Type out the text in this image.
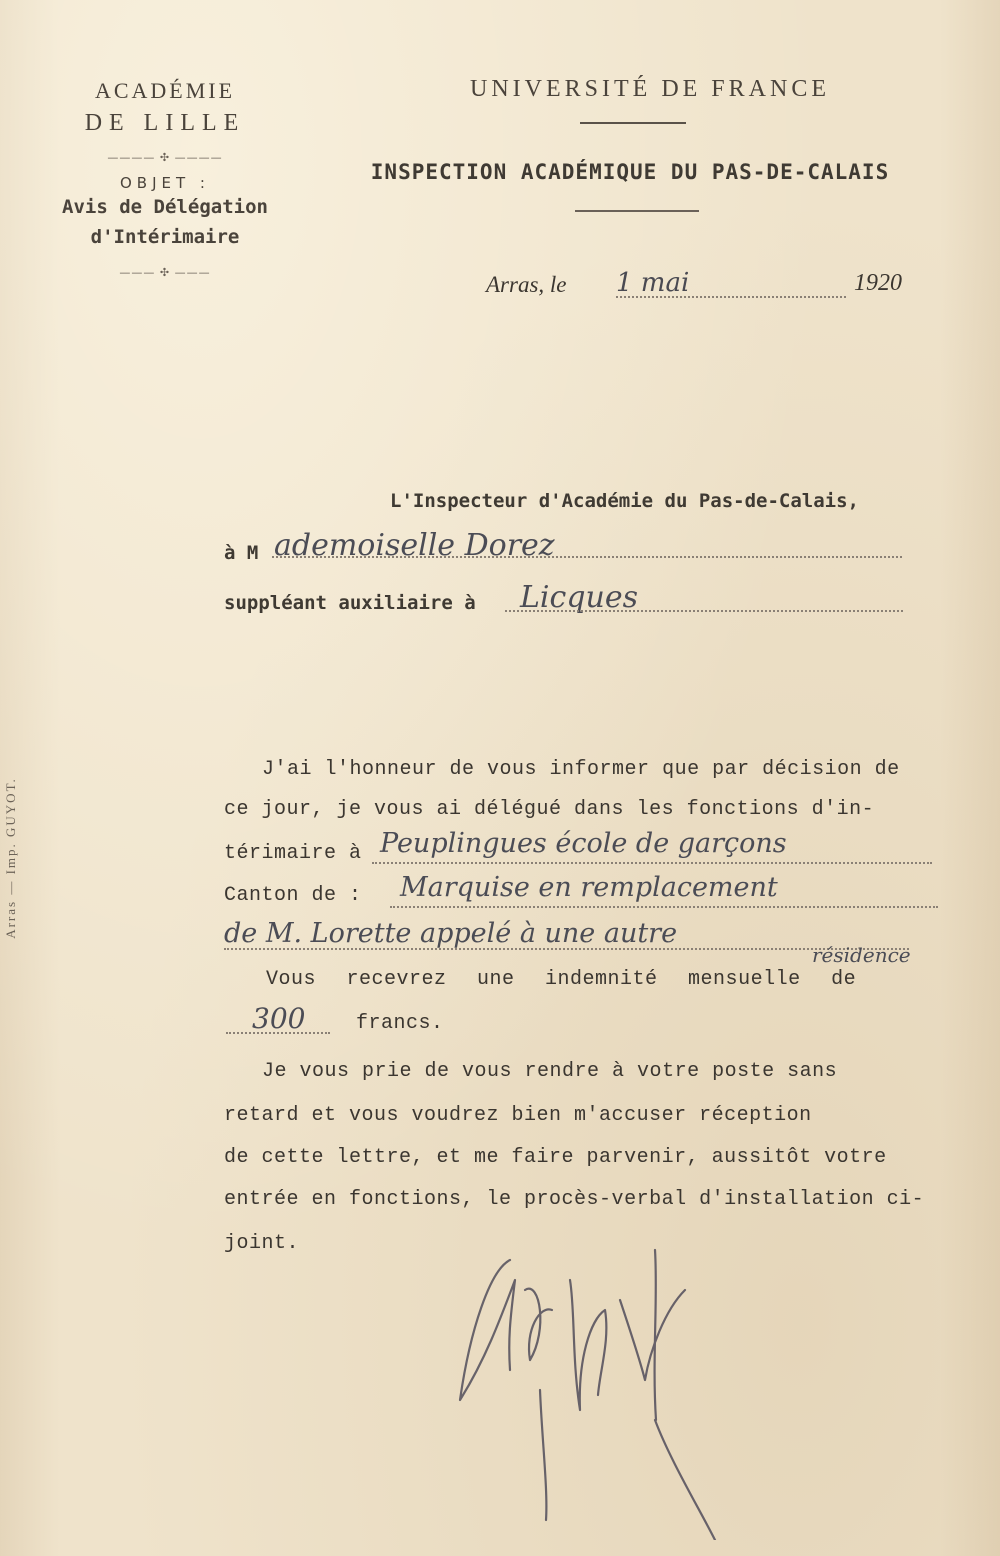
ACADÉMIE
DE LILLE
———— ✣ ————
OBJET :
Avis de Délégation
d'Intérimaire
——— ✣ ———
UNIVERSITÉ DE FRANCE
INSPECTION ACADÉMIQUE DU PAS-DE-CALAIS
Arras, le 1 mai	1920
L'Inspecteur d'Académie du Pas-de-Calais,
à M ademoiselle Dorez
suppléant auxiliaire à Licques
J'ai l'honneur de vous informer que par décision de
ce jour, je vous ai délégué dans les fonctions d'in-
térimaire à Peuplingues école de garçons
Canton de : Marquise en remplacement
de M. Lorette appelé à une autre
résidence
Vous recevrez une indemnité mensuelle de
300	francs.
Je vous prie de vous rendre à votre poste sans
retard et vous voudrez bien m'accuser réception
de cette lettre, et me faire parvenir, aussitôt votre
entrée en fonctions, le procès-verbal d'installation ci-
joint.
Arras — Imp. GUYOT.
